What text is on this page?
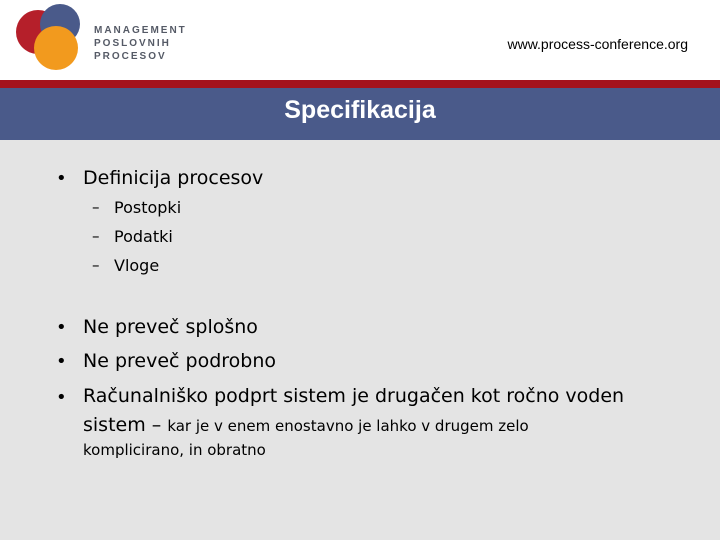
MANAGEMENT
POSLOVNIH
PROCESOV
www.process-conference.org
Specifikacija
• Definicija procesov
– Postopki
– Podatki
– Vloge
• Ne preveč splošno
• Ne preveč podrobno
• Računalniško podprt sistem je drugačen kot ročno voden
sistem – kar je v enem enostavno je lahko v drugem zelo
komplicirano, in obratno
